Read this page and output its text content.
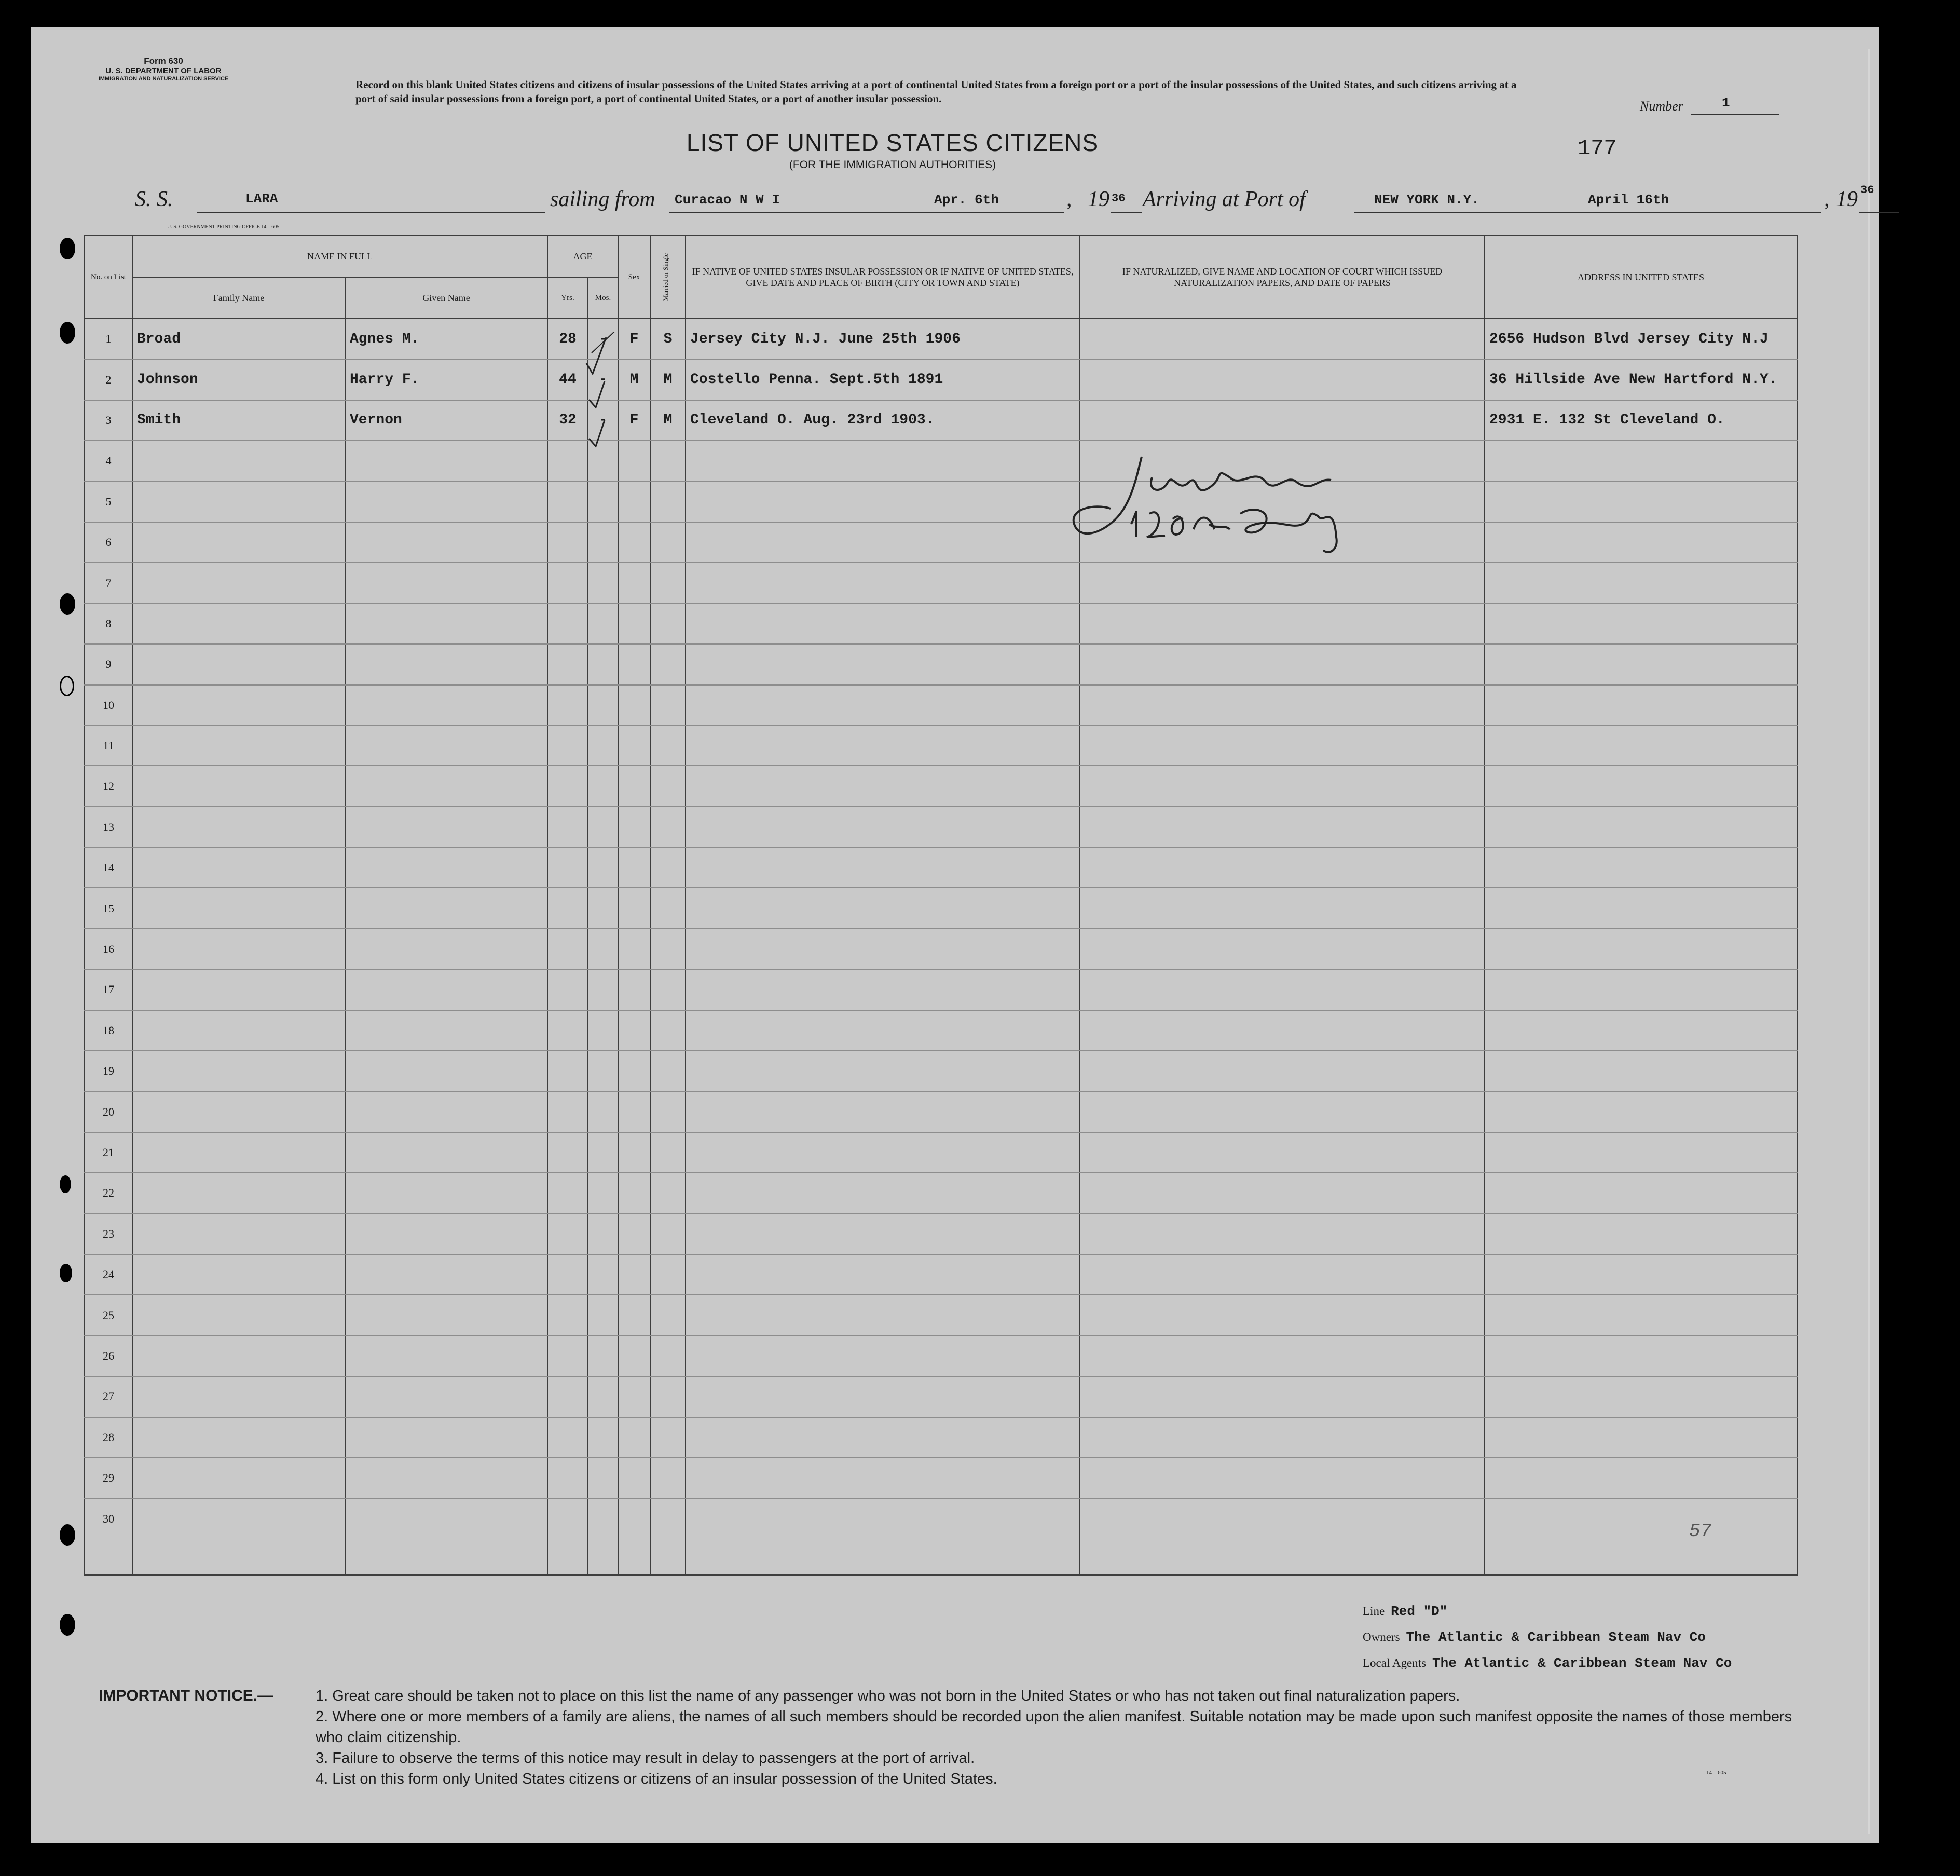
Form 630
U. S. DEPARTMENT OF LABOR
IMMIGRATION AND NATURALIZATION SERVICE	Record on this blank United States citizens and citizens of insular possessions of the United States arriving at a port of continental United States from a foreign port or a port of the insular possessions of the United States, and such citizens arriving at a port of said insular possessions from a foreign port, a port of continental United States, or a port of another insular possession.
LIST OF UNITED STATES CITIZENS
(FOR THE IMMIGRATION AUTHORITIES)
Number	1
177
S. S.	LARA	sailing from Curacao N W I	Apr. 6th	, 19 36 Arriving at Port of	NEW YORK N.Y.	April 16th	, 19 36
U. S. GOVERNMENT PRINTING OFFICE 14—605
No. on List	NAME IN FULL		AGE		Sex	Married or Single	IF NATIVE OF UNITED STATES INSULAR POSSESSION OR IF NATIVE OF UNITED STATES, GIVE DATE AND PLACE OF BIRTH (CITY OR TOWN AND STATE)	IF NATURALIZED, GIVE NAME AND LOCATION OF COURT WHICH ISSUED NATURALIZATION PAPERS, AND DATE OF PAPERS	ADDRESS IN UNITED STATES
	Family Name	Given Name	Yrs.	Mos.					
1	Broad	Agnes M.	28	-	F	S	Jersey City N.J. June 25th 1906		2656 Hudson Blvd Jersey City N.J
2	Johnson	Harry F.	44	-	M	M	Costello Penna. Sept.5th 1891		36 Hillside Ave New Hartford N.Y.
3	Smith	Vernon	32	-	F	M	Cleveland O. Aug. 23rd 1903.		2931 E. 132 St Cleveland O.
4									
5									
6									
7									
8									
9									
10									
11									
12									
13									
14									
15									
16									
17									
18									
19									
20									
21									
22									
23									
24									
25									
26									
27									
28									
29									
30									
57
Line Red "D"
Owners The Atlantic & Caribbean Steam Nav Co
Local Agents The Atlantic & Caribbean Steam Nav Co
IMPORTANT NOTICE.—	1. Great care should be taken not to place on this list the name of any passenger who was not born in the United States or who has not taken out final naturalization papers.
2. Where one or more members of a family are aliens, the names of all such members should be recorded upon the alien manifest. Suitable notation may be made upon such manifest opposite the names of those members who claim citizenship.
3. Failure to observe the terms of this notice may result in delay to passengers at the port of arrival.
4. List on this form only United States citizens or citizens of an insular possession of the United States.	14—605
